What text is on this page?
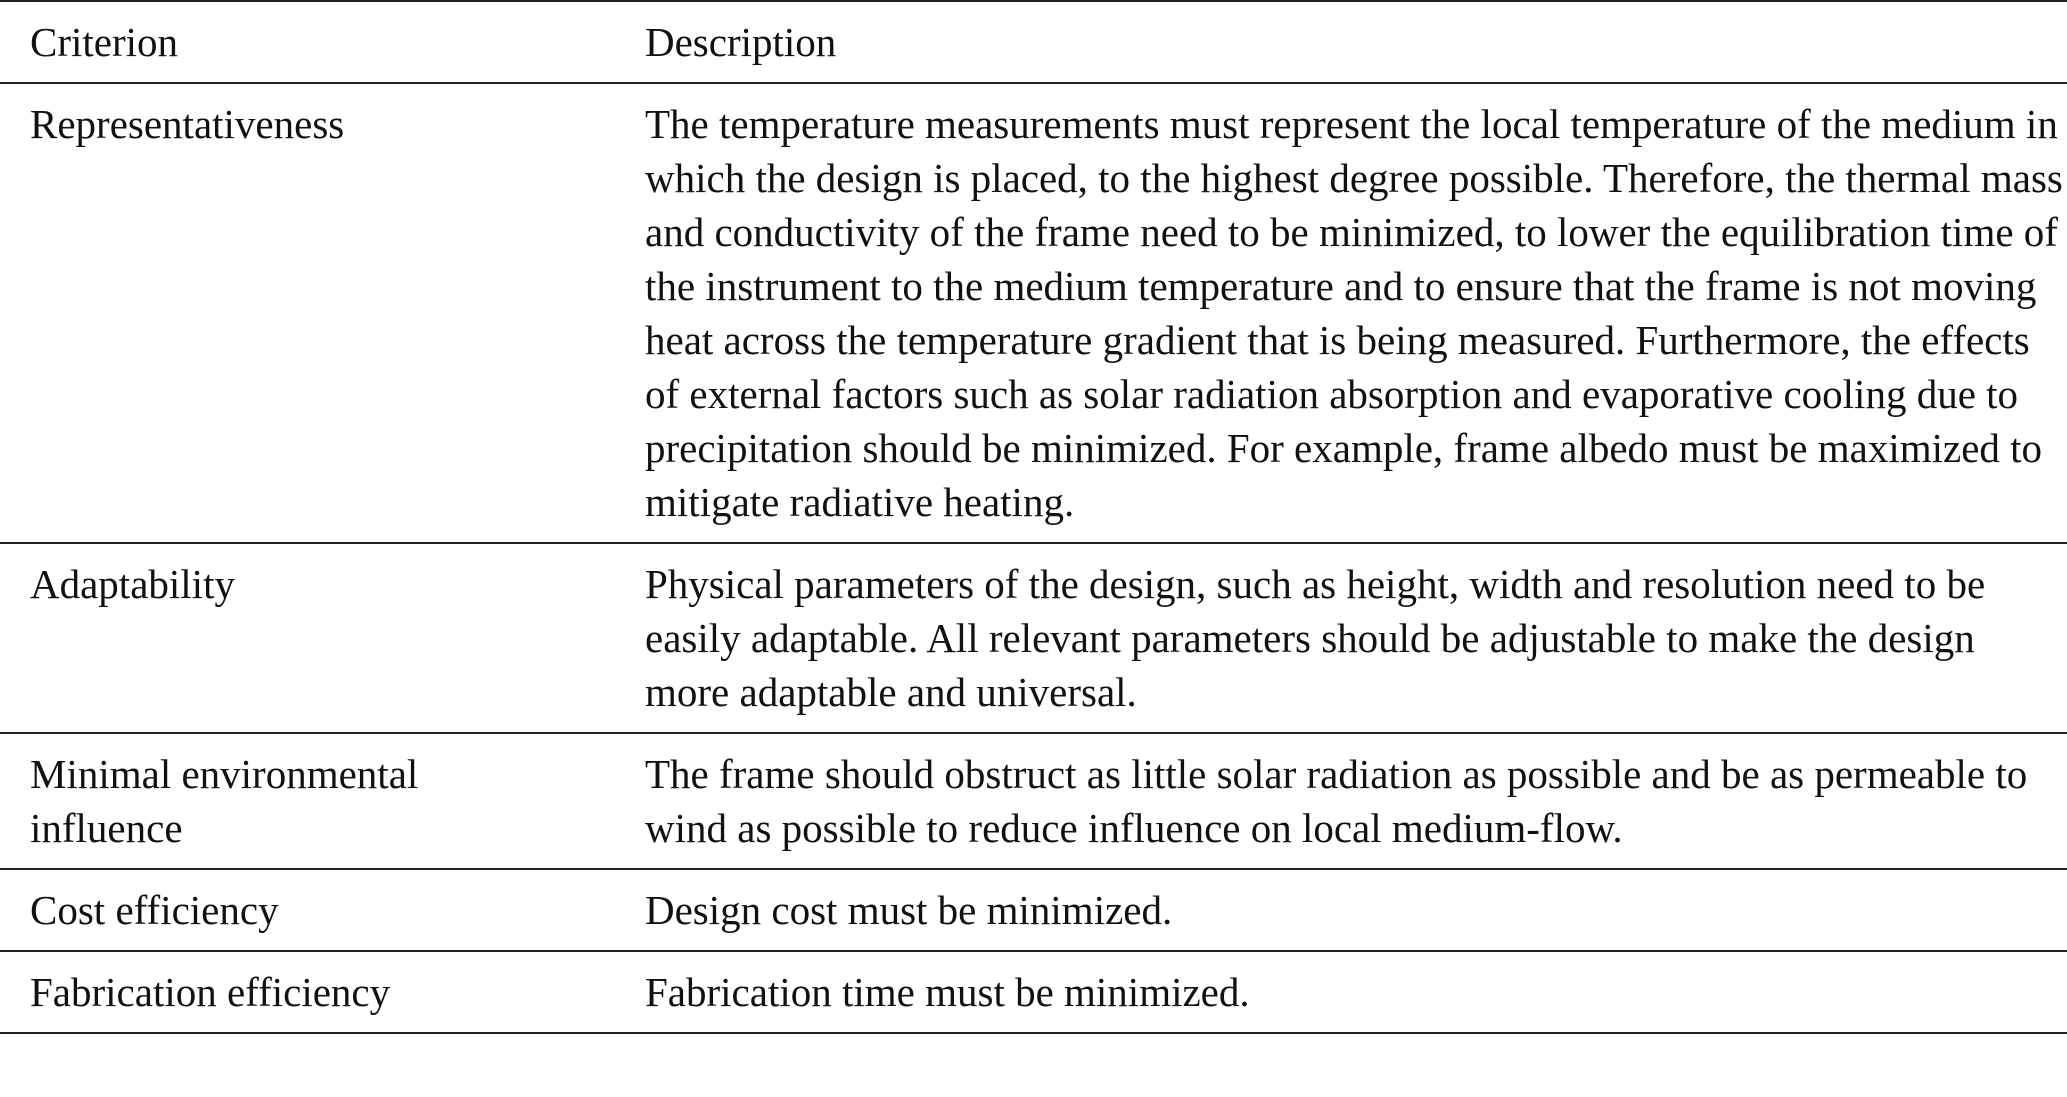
Criterion	Description
Representativeness	The temperature measurements must represent the local temperature of the medium in which the design is placed, to the highest degree possible. Therefore, the thermal mass and conductivity of the frame need to be minimized, to lower the equilibration time of the instrument to the medium temperature and to ensure that the frame is not moving heat across the temperature gradient that is being measured. Furthermore, the effects of external factors such as solar radiation absorption and evaporative cooling due to precipitation should be minimized. For example, frame albedo must be maximized to mitigate radiative heating.
Adaptability	Physical parameters of the design, such as height, width and resolution need to be easily adaptable. All relevant parameters should be adjustable to make the design more adaptable and universal.
Minimal environmental influence	The frame should obstruct as little solar radiation as possible and be as permeable to wind as possible to reduce influence on local medium-flow.
Cost efficiency	Design cost must be minimized.
Fabrication efficiency	Fabrication time must be minimized.
